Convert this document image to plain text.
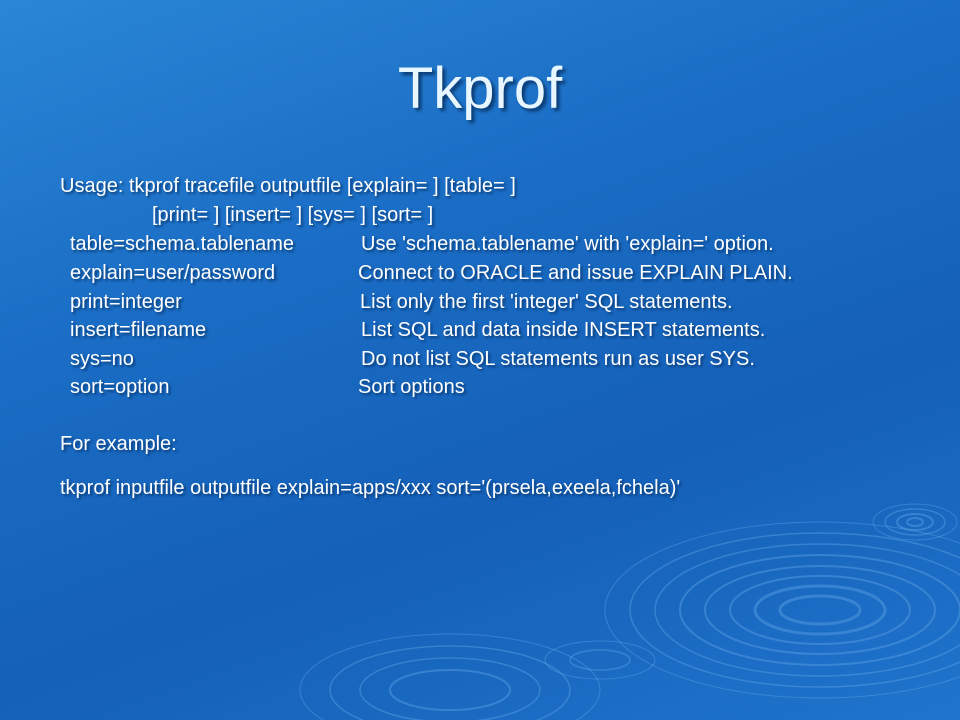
Tkprof
Usage: tkprof tracefile outputfile [explain= ] [table= ]
[print= ] [insert= ] [sys= ] [sort= ]
table=schema.tablename	Use 'schema.tablename' with 'explain=' option.
explain=user/password	Connect to ORACLE and issue EXPLAIN PLAIN.
print=integer	List only the first 'integer' SQL statements.
insert=filename	List SQL and data inside INSERT statements.
sys=no	Do not list SQL statements run as user SYS.
sort=option	Sort options
For example:
tkprof inputfile outputfile explain=apps/xxx sort='(prsela,exeela,fchela)'
